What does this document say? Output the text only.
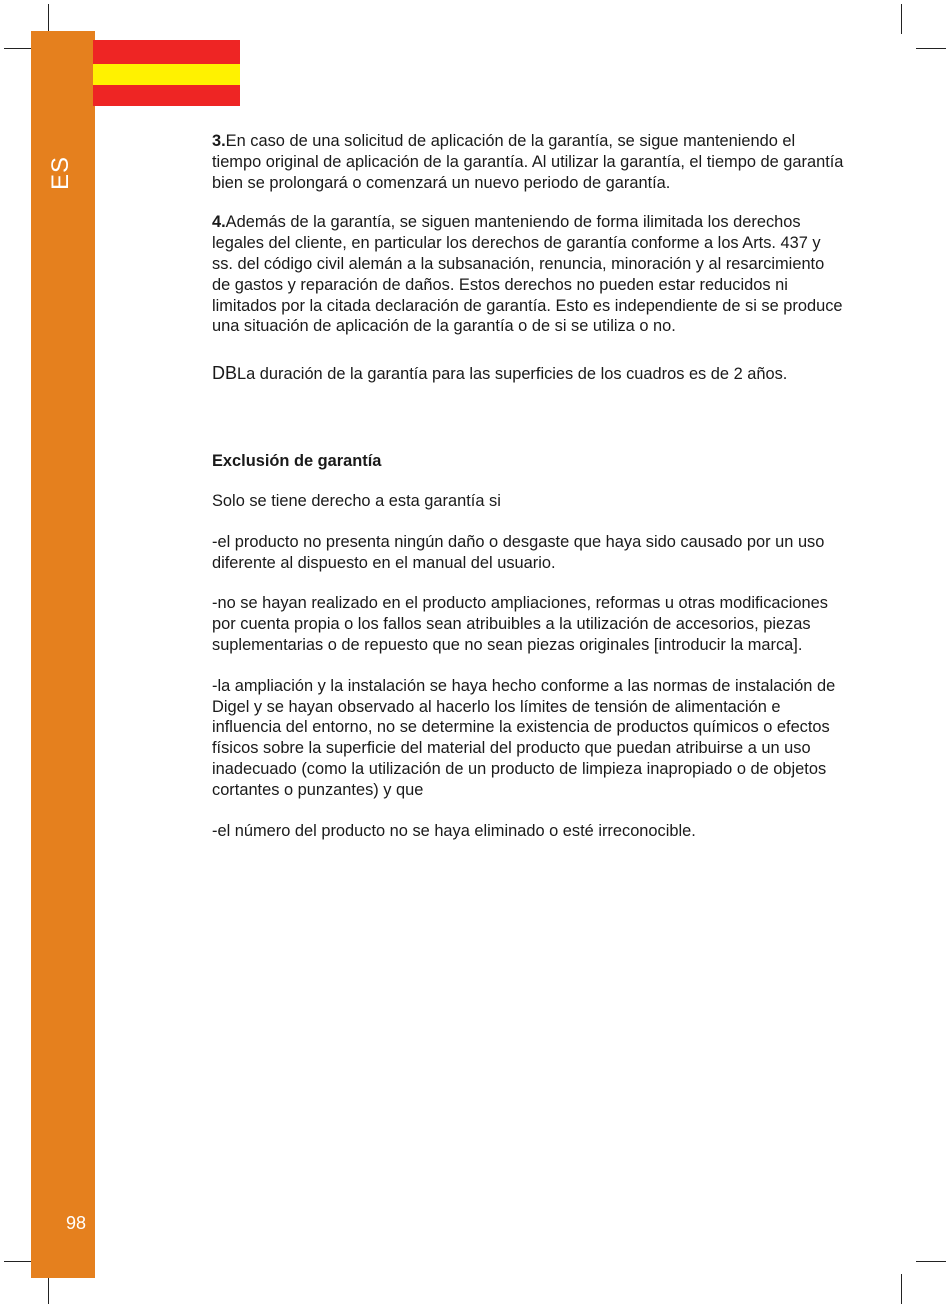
ES
98

3.En caso de una solicitud de aplicación de la garantía, se sigue manteniendo el tiempo original de aplicación de la garantía. Al utilizar la garantía, el tiempo de garantía bien se prolongará o comenzará un nuevo periodo de garantía.

4.Además de la garantía, se siguen manteniendo de forma ilimitada los derechos legales del cliente, en particular los derechos de garantía conforme a los Arts. 437 y ss. del código civil alemán a la subsanación, renuncia, minoración y al resarcimiento de gastos y reparación de daños. Estos derechos no pueden estar reducidos ni limitados por la citada declaración de garantía. Esto es independiente de si se produce una situación de aplicación de la garantía o de si se utiliza o no.

DBLa duración de la garantía para las superficies de los cuadros es de 2 años.

Exclusión de garantía

Solo se tiene derecho a esta garantía si

-el producto no presenta ningún daño o desgaste que haya sido causado por un uso diferente al dispuesto en el manual del usuario.

-no se hayan realizado en el producto ampliaciones, reformas u otras modificaciones por cuenta propia o los fallos sean atribuibles a la utilización de accesorios, piezas suplementarias o de repuesto que no sean piezas originales [introducir la marca].

-la ampliación y la instalación se haya hecho conforme a las normas de instalación de Digel y se hayan observado al hacerlo los límites de tensión de alimentación e influencia del entorno, no se determine la existencia de productos químicos o efectos físicos sobre la superficie del material del producto que puedan atribuirse a un uso inadecuado (como la utilización de un producto de limpieza inapropiado o de objetos cortantes o punzantes) y que

-el número del producto no se haya eliminado o esté irreconocible.
